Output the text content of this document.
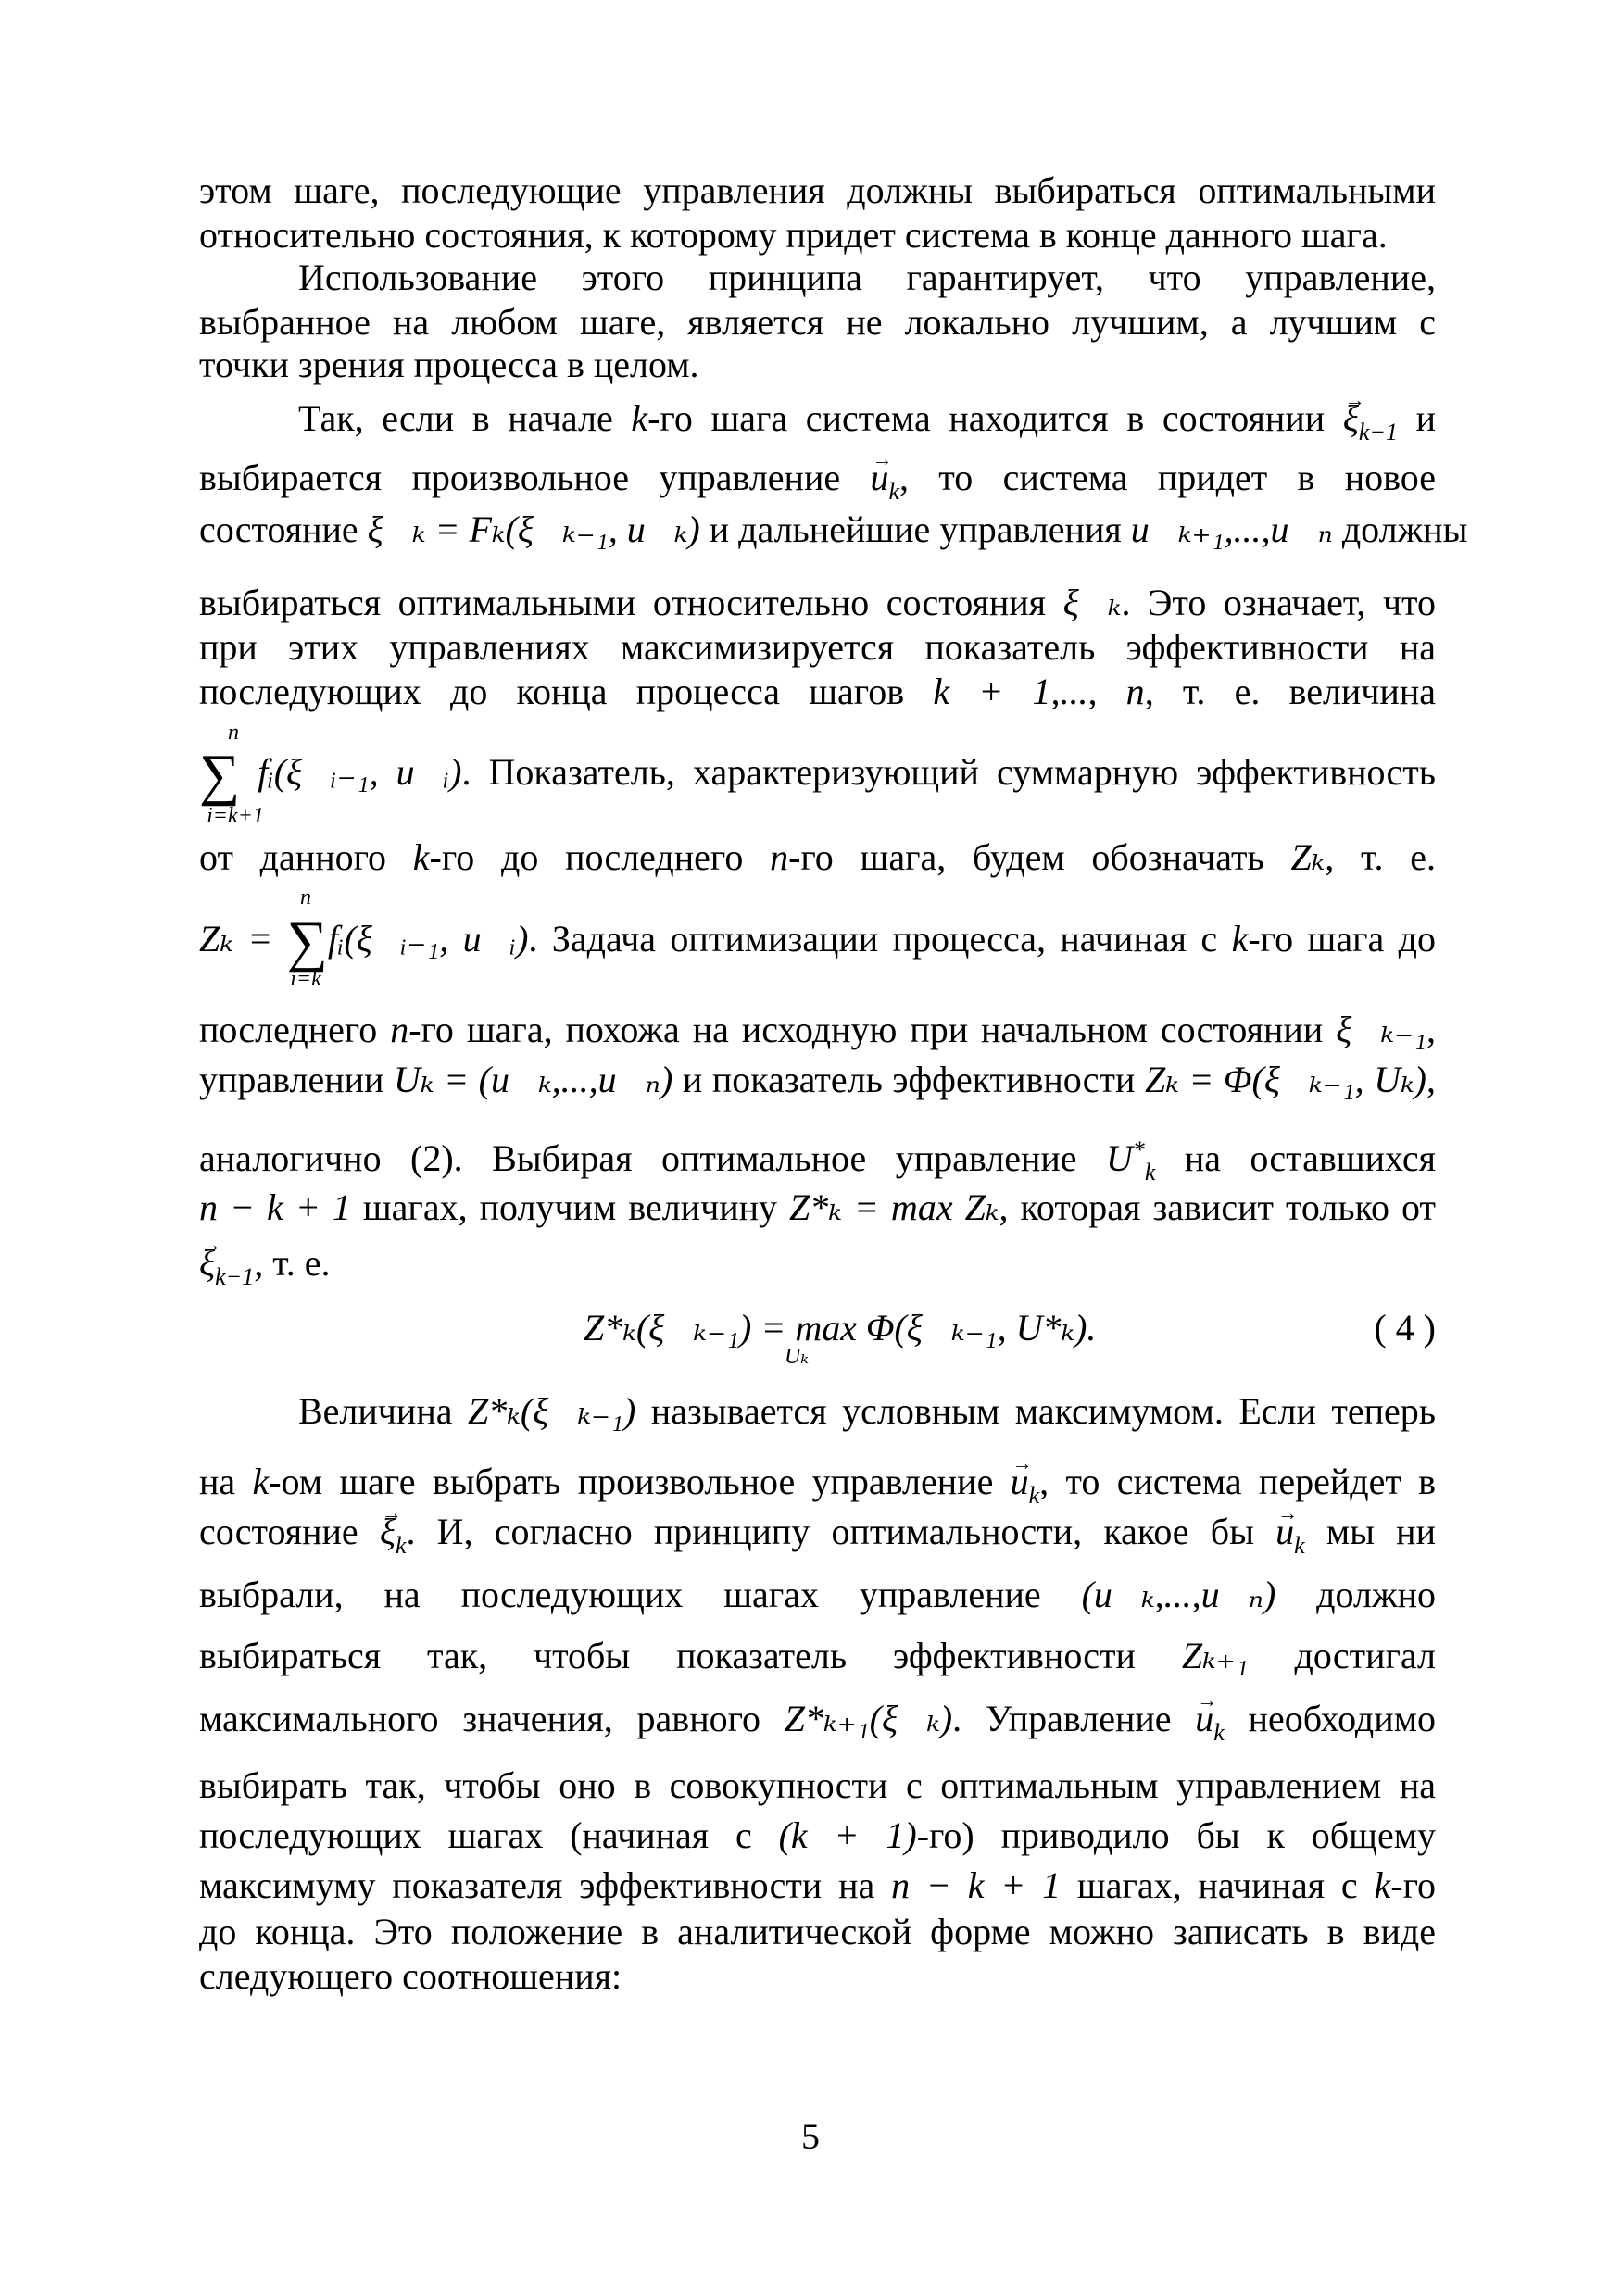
этом шаге, последующие управления должны выбираться оптимальными
относительно состояния, к которому придет система в конце данного шага.
Использование этого принципа гарантирует, что управление,
выбранное на любом шаге, является не локально лучшим, а лучшим с
точки зрения процесса в целом.
Так, если в начале k-го шага система находится в состоянии → $\xi_{k-1}$ и
выбирается произвольное управление → $u_k$, то система придет в новое
состояние ξ⃗ₖ = Fₖ(ξ⃗ₖ₋₁, u⃗ₖ) и дальнейшие управления u⃗ₖ₊₁,...,u⃗ₙ должны
выбираться оптимальными относительно состояния ξ⃗ₖ. Это означает, что
при этих управлениях максимизируется показатель эффективности на
последующих до конца процесса шагов k + 1,..., n, т. е. величина
n
∑ fᵢ(ξ⃗ᵢ₋₁, u⃗ᵢ). Показатель, характеризующий суммарную эффективность
i=k+1
от данного k-го до последнего n-го шага, будем обозначать Zₖ, т. е.
n
Zₖ = ∑fᵢ(ξ⃗ᵢ₋₁, u⃗ᵢ). Задача оптимизации процесса, начиная с k-го шага до
i=k
последнего n-го шага, похожа на исходную при начальном состоянии ξ⃗ₖ₋₁,
управлении Uₖ = (u⃗ₖ,...,u⃗ₙ) и показатель эффективности Zₖ = Φ(ξ⃗ₖ₋₁, Uₖ),
аналогично (2). Выбирая оптимальное управление $U^*_k$ на оставшихся
n − k + 1 шагах, получим величину Z*ₖ = max Zₖ, которая зависит только от
→ $\xi_{k-1}$, т. е.
Z*ₖ(ξ⃗ₖ₋₁) = max Φ(ξ⃗ₖ₋₁, U*ₖ).
Uₖ
( 4 )
Величина Z*ₖ(ξ⃗ₖ₋₁) называется условным максимумом. Если теперь
на k-ом шаге выбрать произвольное управление → $u_k$, то система перейдет в
состояние → $\xi_k$. И, согласно принципу оптимальности, какое бы → $u_k$ мы ни
выбрали, на последующих шагах управление (u⃗ₖ,...,u⃗ₙ) должно
выбираться так, чтобы показатель эффективности Zₖ₊₁ достигал
максимального значения, равного Z*ₖ₊₁(ξ⃗ₖ). Управление → $u_k$ необходимо
выбирать так, чтобы оно в совокупности с оптимальным управлением на
последующих шагах (начиная с (k + 1)-го) приводило бы к общему
максимуму показателя эффективности на n − k + 1 шагах, начиная с k-го
до конца. Это положение в аналитической форме можно записать в виде
следующего соотношения:
5
